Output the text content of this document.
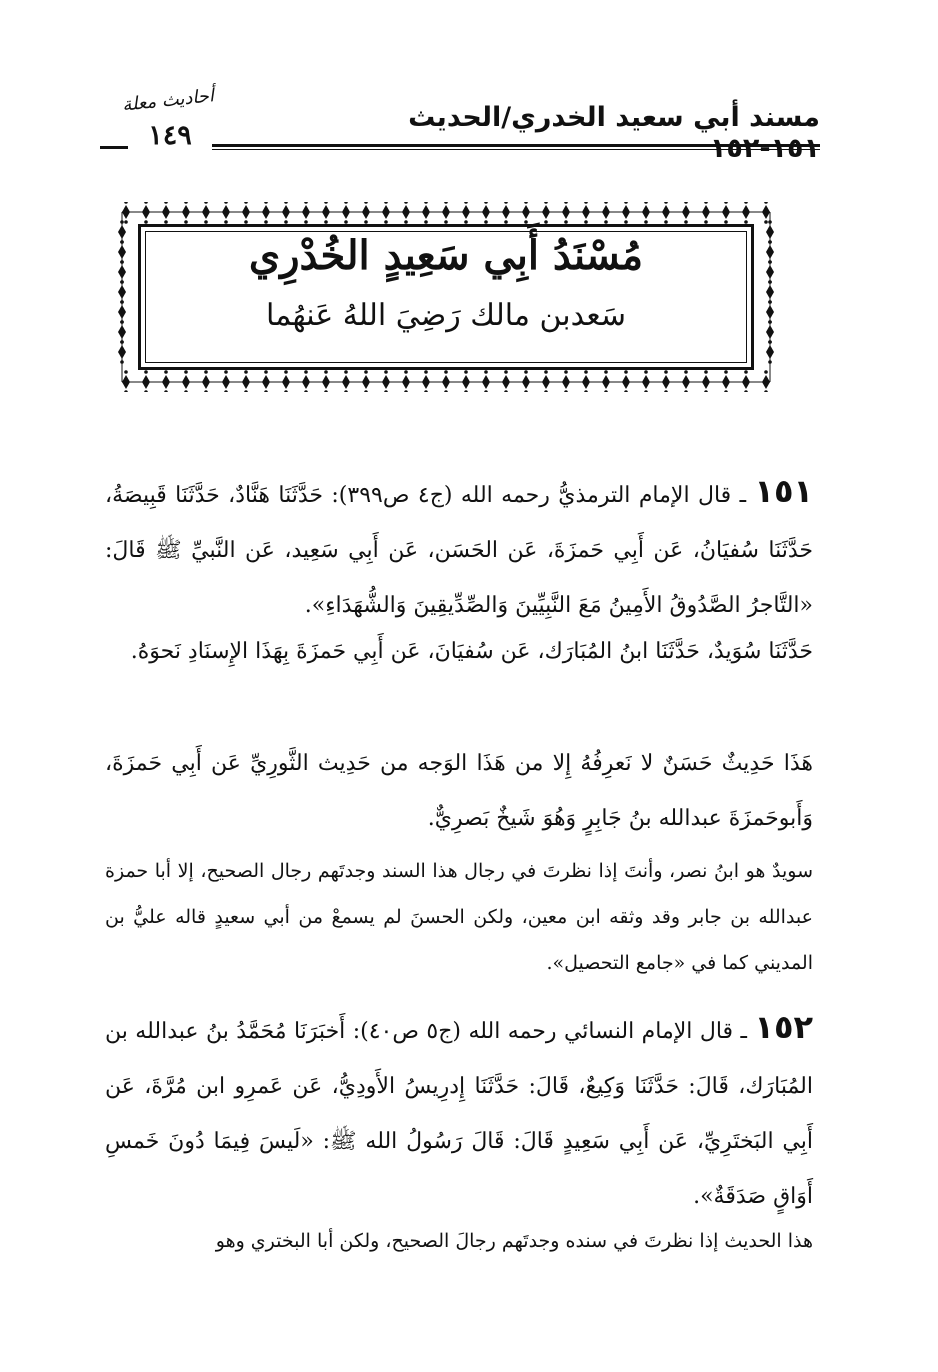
مسند أبي سعيد الخدري/الحديث ١٥١-١٥٢
أحاديث معلة
١٤٩
مُسْنَدُ أَبِي سَعِيدٍ الخُدْرِي
سَعدبن مالك رَضِيَ اللهُ عَنهُما
١٥١ ـ قال الإمام الترمذيُّ رحمه الله (ج٤ ص٣٩٩): حَدَّثَنَا هَنَّادٌ، حَدَّثَنَا قَبِيصَةُ، حَدَّثَنَا سُفيَانُ، عَن أَبِي حَمزَةَ، عَن الحَسَن، عَن أَبِي سَعِيد، عَن النَّبيِّ ﷺ قَالَ: «التَّاجرُ الصَّدُوقُ الأَمِينُ مَعَ النَّبِيِّينَ وَالصِّدِّيقِينَ وَالشُّهَدَاءِ».
حَدَّثَنَا سُوَيدٌ، حَدَّثَنَا ابنُ المُبَارَك، عَن سُفيَانَ، عَن أَبِي حَمزَةَ بِهَذَا الإِسنَادِ نَحوَهُ.
هَذَا حَدِيثٌ حَسَنٌ لا نَعرِفُهُ إِلا من هَذَا الوَجه من حَدِيث الثَّورِيِّ عَن أَبِي حَمزَةَ، وَأَبوحَمزَةَ عبدالله بنُ جَابِرٍ وَهُوَ شَيخٌ بَصرِيٌّ.
سويدٌ هو ابنُ نصر، وأنتَ إذا نظرتَ في رجال هذا السند وجدتَهم رجال الصحيح، إلا أبا حمزة عبدالله بن جابر وقد وثقه ابن معين، ولكن الحسنَ لم يسمعْ من أبي سعيدٍ قاله عليُّ بن المديني كما في «جامع التحصيل».
١٥٢ ـ قال الإمام النسائي رحمه الله (ج٥ ص٤٠): أَخبَرَنَا مُحَمَّدُ بنُ عبدالله بن المُبَارَك، قَالَ: حَدَّثَنَا وَكِيعٌ، قَالَ: حَدَّثَنَا إِدرِيسُ الأَودِيُّ، عَن عَمرِو ابن مُرَّةَ، عَن أَبِي البَختَرِيِّ، عَن أَبِي سَعِيدٍ قَالَ: قَالَ رَسُولُ الله ﷺ: «لَيسَ فِيمَا دُونَ خَمسِ أَوَاقٍ صَدَقَةٌ».
هذا الحديث إذا نظرتَ في سنده وجدتَهم رجالَ الصحيح، ولكن أبا البختري وهو
